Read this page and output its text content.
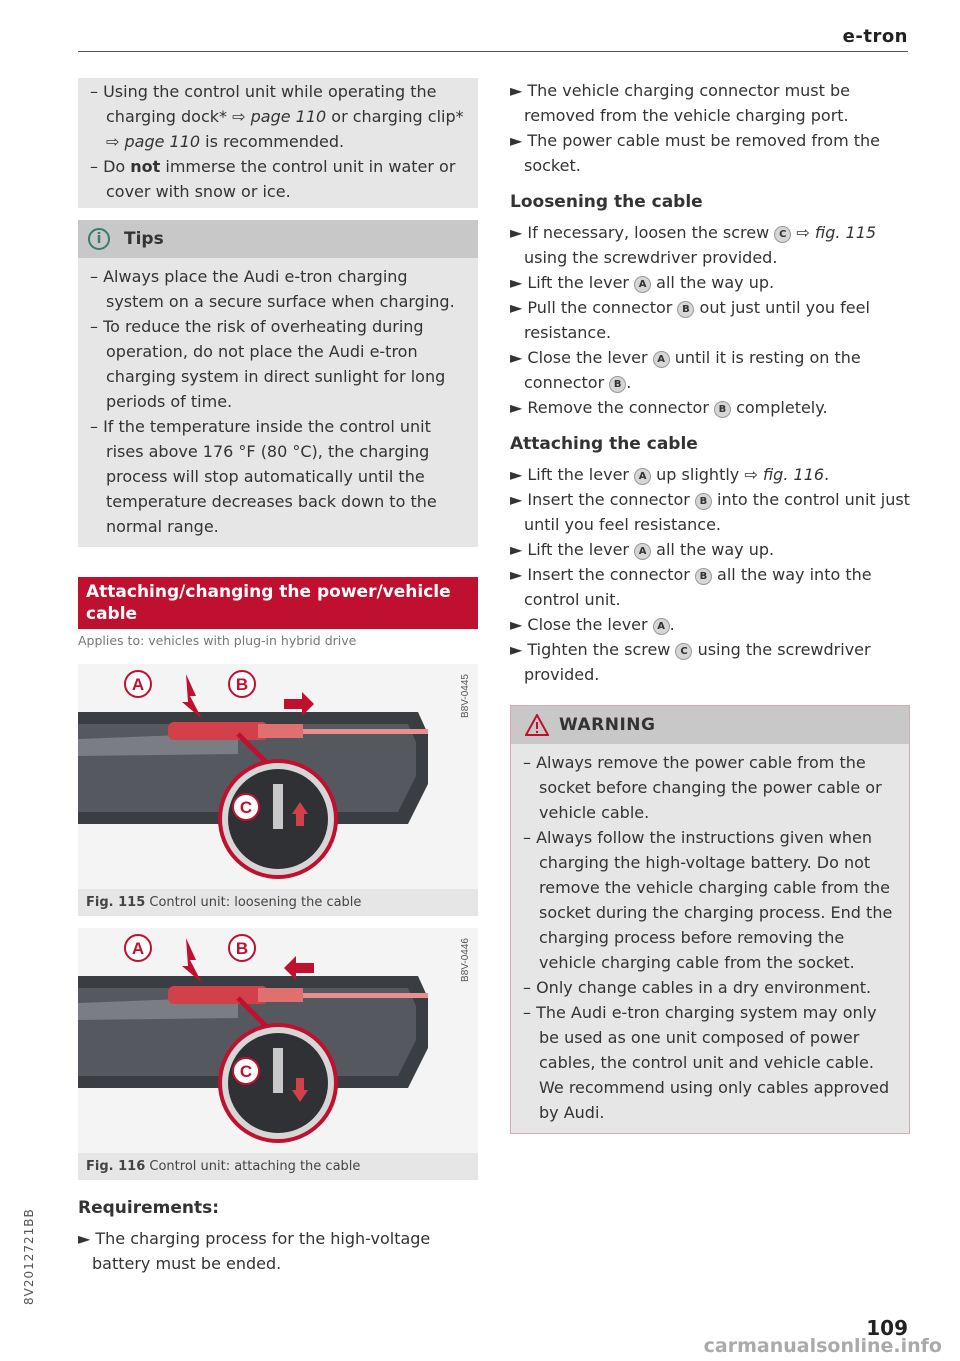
e-tron

– Using the control unit while operating the charging dock* ⇨ page 110 or charging clip* ⇨ page 110 is recommended.

– Do not immerse the control unit in water or cover with snow or ice.

i	Tips

– Always place the Audi e-tron charging system on a secure surface when charging.

– To reduce the risk of overheating during operation, do not place the Audi e-tron charging system in direct sunlight for long periods of time.

– If the temperature inside the control unit rises above 176 °F (80 °C), the charging process will stop automatically until the temperature decreases back down to the normal range.

Attaching/changing the power/vehicle cable
Applies to: vehicles with plug-in hybrid drive
A	B
C
B8V-0445
Fig. 115 Control unit: loosening the cable
A	B
C
B8V-0446
Fig. 116 Control unit: attaching the cable
Requirements:

► The charging process for the high-voltage battery must be ended.

► The vehicle charging connector must be removed from the vehicle charging port.

► The power cable must be removed from the socket.

Loosening the cable

► If necessary, loosen the screw C ⇨ fig. 115 using the screwdriver provided.

► Lift the lever A all the way up.

► Pull the connector B out just until you feel resistance.

► Close the lever A until it is resting on the connector B .

► Remove the connector B completely.

Attaching the cable

► Lift the lever A up slightly ⇨ fig. 116.

► Insert the connector B into the control unit just until you feel resistance.

► Lift the lever A all the way up.

► Insert the connector B all the way into the control unit.

► Close the lever A .

► Tighten the screw C using the screwdriver provided.

WARNING

– Always remove the power cable from the socket before changing the power cable or vehicle cable.

– Always follow the instructions given when charging the high-voltage battery. Do not remove the vehicle charging cable from the socket during the charging process. End the charging process before removing the vehicle charging cable from the socket.

– Only change cables in a dry environment.

– The Audi e-tron charging system may only be used as one unit composed of power cables, the control unit and vehicle cable. We recommend using only cables approved by Audi.

8V2012721BB
109
carmanualsonline.info
